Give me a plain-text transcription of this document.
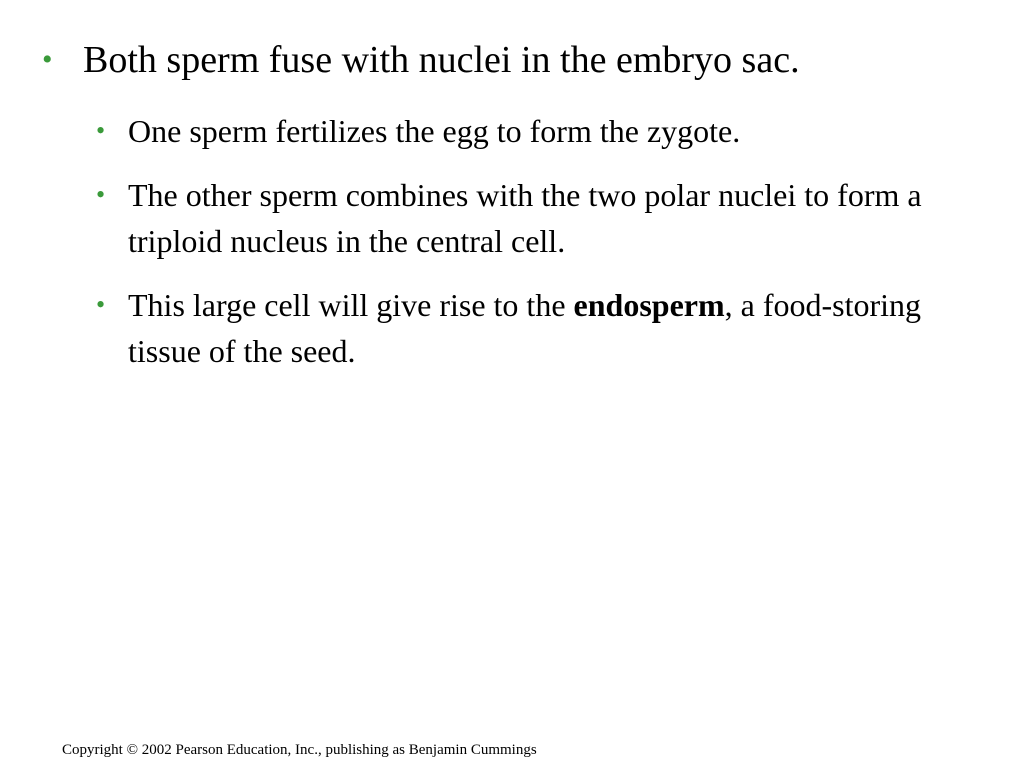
• Both sperm fuse with nuclei in the embryo sac.
• One sperm fertilizes the egg to form the zygote.
• The other sperm combines with the two polar nuclei to form a triploid nucleus in the central cell.
• This large cell will give rise to the endosperm, a food-storing tissue of the seed.
Copyright © 2002 Pearson Education, Inc., publishing as Benjamin Cummings
